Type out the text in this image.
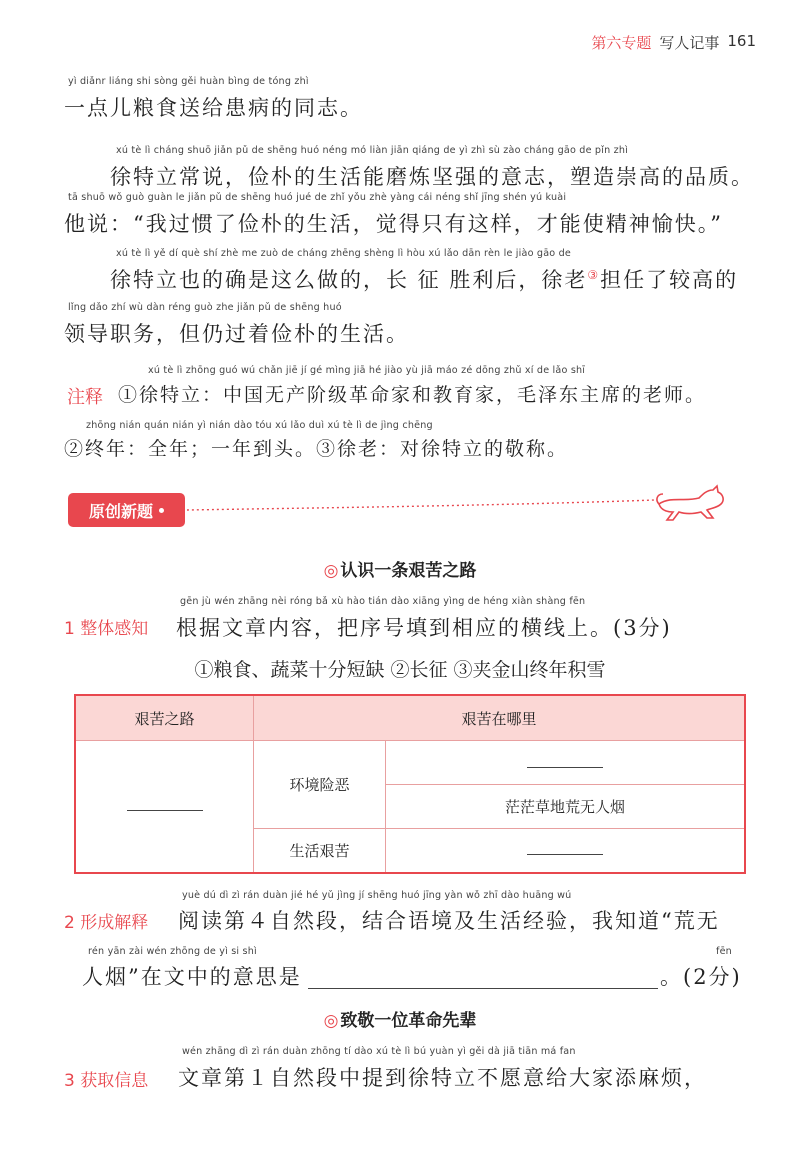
第六专题 写人记事 161
yì diǎnr liáng shi sòng gěi huàn bìng de tóng zhì
一点儿粮食送给患病的同志。
xú tè lì cháng shuō jiǎn pǔ de shēng huó néng mó liàn jiān qiáng de yì zhì sù zào cháng gāo de pǐn zhì
徐特立常说，俭朴的生活能磨炼坚强的意志，塑造崇高的品质。
tā shuō wǒ guò guàn le jiǎn pǔ de shēng huó jué de zhǐ yǒu zhè yàng cái néng shǐ jīng shén yú kuài
他说：“我过惯了俭朴的生活，觉得只有这样，才能使精神愉快。”
xú tè lì yě dí què shí zhè me zuò de cháng zhēng shèng lì hòu xú lǎo dān rèn le jiào gāo de
徐特立也的确是这么做的，长 征 胜利后，徐老③担任了较高的
lǐng dǎo zhí wù dàn réng guò zhe jiǎn pǔ de shēng huó
领导职务，但仍过着俭朴的生活。
xú tè lì zhōng guó wú chǎn jiē jí gé mìng jiā hé jiào yù jiā máo zé dōng zhǔ xí de lǎo shī
注释 ①徐特立：中国无产阶级革命家和教育家，毛泽东主席的老师。
zhōng nián quán nián yì nián dào tóu xú lǎo duì xú tè lì de jìng chēng
②终年：全年；一年到头。③徐老：对徐特立的敬称。
原创新题
◎ 认识一条艰苦之路
gēn jù wén zhāng nèi róng bǎ xù hào tián dào xiāng yìng de héng xiàn shàng fēn
1 整体感知 根据文章内容，把序号填到相应的横线上。(3分)
①粮食、蔬菜十分短缺 ②长征 ③夹金山终年积雪
艰苦之路	艰苦在哪里	
	环境险恶	
		茫茫草地荒无人烟
	生活艰苦	
yuè dú dì zì rán duàn jié hé yǔ jìng jí shēng huó jīng yàn wǒ zhī dào huāng wú
2 形成解释 阅读第４自然段，结合语境及生活经验，我知道“荒无
rén yān zài wén zhōng de yì si shì	fēn
人烟”在文中的意思是	。(2分)
◎ 致敬一位革命先辈
wén zhāng dì zì rán duàn zhōng tí dào xú tè lì bú yuàn yì gěi dà jiā tiān má fan
3 获取信息 文章第１自然段中提到徐特立不愿意给大家添麻烦，
